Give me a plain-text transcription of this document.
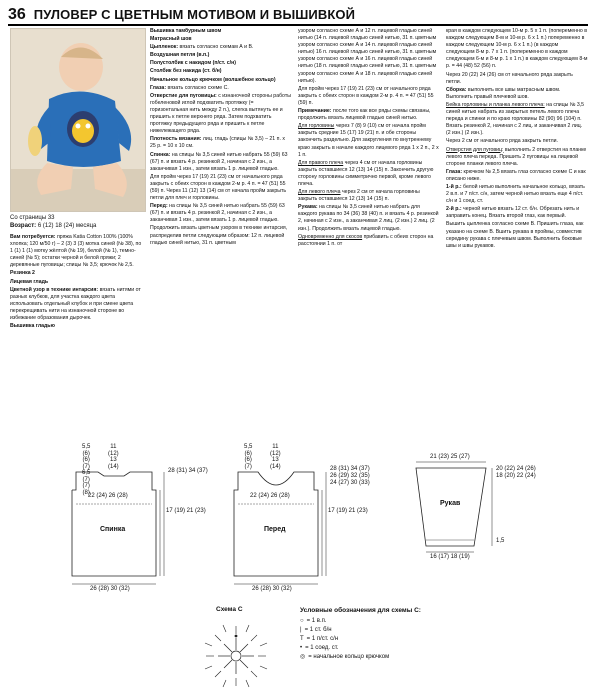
36 ПУЛОВЕР С ЦВЕТНЫМ МОТИВОМ И ВЫШИВКОЙ
Со страницы 33
Возраст: 6 (12) 18 (24) месяца

Вам потребуется: пряжа Katia Cotton 100% (100% хлопка; 120 м/50 г) – 2 (3) 3 (3) мотка синей (№ 38), по 1 (1) 1 (1) мотку жёлтой (№ 19), белой (№ 1), темно-синей (№ 5); остатки черной и белой пряжи; 2 деревянные пуговицы; спицы № 3,5; крючок № 2,5.

Резинка 2

Лицевая гладь

Цветной узор в технике интарсия: вязать нитями от разных клубков, для участка каждого цвета использовать отдельный клубок и при смене цвета перекрещивать нити на изнаночной стороне во избежание образования дырочек.

Вышивка гладью

Вышивка тамбурным швом

Матрасный шов

Цыпленок: вязать согласно схемам А и В.

Воздушная петля (в.п.)

Полустолбик с накидом (п/ст. с/н)

Столбик без накида (ст. б/н)

Начальное кольцо крючком (волшебное кольцо)

Глаза: вязать согласно схеме С.

Отверстие для пуговицы: с изнаночной стороны работы гобеленовой иглой подхватить протяжку (= горизонтальная нить между 2 п.), слегка вытянуть ее и пришить к петле верхнего ряда. Затем подхватить протяжку предыдущего ряда и пришить к петле нижележащего ряда.

Плотность вязания: лиц. гладь (спицы № 3,5) – 21 п. х 25 р. = 10 х 10 см.

Спинка: на спицы № 3,5 синей нитью набрать 55 (59) 63 (67) п. и вязать 4 р. резинкой 2, начиная с 2 изн., а заканчивая 1 изн., затем вязать 1 р. лицевой гладью.

Для пройм через 17 (19) 21 (23) см от начального ряда закрыть с обеих сторон в каждом 2-м р. 4 п. = 47 (51) 55 (59) п. Через 11 (12) 13 (14) см от начала пройм закрыть петли для плеч и горловины.

Перед: на спицы № 3,5 синей нитью набрать 55 (59) 63 (67) п. и вязать 4 р. резинкой 2, начиная с 2 изн., а заканчивая 1 изн., затем вязать 1 р. лицевой гладью.

Продолжить вязать цветным узором в технике интарсия, распределив петли следующим образом: 12 п. лицевой гладью синей нитью, 31 п. цветным

узором согласно схеме А и 12 п. лицевой гладью синей нитью (14 п. лицевой гладью синей нитью, 31 п. цветным узором согласно схеме А и 14 п. лицевой гладью синей нитью) 16 п. лицевой гладью синей нитью, 31 п. цветным узором согласно схеме А и 16 п. лицевой гладью синей нитью (18 п. лицевой гладью синей нитью, 31 п. цветным узором согласно схеме А и 18 п. лицевой гладью синей нитью).

Для пройм через 17 (19) 21 (23) см от начального ряда закрыть с обеих сторон в каждом 2-м р. 4 п. = 47 (51) 55 (59) п.

Примечание: после того как все ряды схемы связаны, продолжить вязать лицевой гладью синей нитью.

Для горловины через 7 (8) 9 (10) см от начала пройм закрыть средние 15 (17) 19 (21) п. и обе стороны закончить раздельно. Для закругления по внутреннему краю закрыть в начале каждого лицевого ряда 1 х 2 п., 2 х 1 п.

Для правого плеча через 4 см от начала горловины закрыть оставшиеся 12 (13) 14 (15) п. Закончить другую сторону горловины симметрично первой, кроме левого плеча.

Для левого плеча через 2 см от начала горловины закрыть оставшиеся 12 (13) 14 (15) п.

Рукава: на спицы № 3,5 синей нитью набрать для каждого рукава по 34 (36) 38 (40) п. и вязать 4 р. резинкой 2, начиная с 2 изн., а заканчивая 2 лиц. (2 изн.) 2 лиц. (2 изн.). Продолжить вязать лицевой гладью.

Одновременно для скосов прибавить с обеих сторон на расстоянии 1 п. от

края в каждом следующем 10-м р. 5 х 1 п. (попеременно в каждом следующем 8-м и 10-м р. 6 х 1 п.) попеременно в каждом следующем 10-м р. 6 х 1 п.) (в каждом следующем 8-м р. 7 х 1 п. (попеременно в каждом следующем 6-м и 8-м р. 1 х 1 п.) в каждом следующем 8-м р. = 44 (48) 52 (56) п.

Через 20 (22) 24 (26) см от начального ряда закрыть петли.

Сборка: выполнить все швы матрасным швом. Выполнить правый плечевой шов.

Бейка горловины и планка левого плеча: на спицы № 3,5 синей нитью набрать из закрытых петель левого плеча переда и спинки и по краю горловины 82 (90) 96 (104) п. Вязать резинкой 2, начиная с 2 лиц. и заканчивая 2 лиц. (2 изн.) (2 изн.).

Через 2 см от начального ряда закрыть петли.

Отверстия для пуговиц: выполнить 2 отверстия на планке левого плеча переда. Пришить 2 пуговицы на лицевой стороне планки левого плеча.

Глаза: крючком № 2,5 вязать глаз согласно схеме С и как описано ниже.

1-й р.: белой нитью выполнить начальное кольцо, вязать 2 в.п. и 7 п/ст. с/н, затем черной нитью вязать еще 4 п/ст. с/н и 1 соед. ст.

2-й р.: черной нитью вязать 12 ст. б/н. Обрезать нить и заправить конец. Вязать второй глаз, как первый.

Вышить цыпленка согласно схеме В. Пришить глаза, как указано на схеме В. Вшить рукава в проймы, совместив середину рукава с плечевым швом. Выполнить боковые швы и швы рукавов.

5,5
(6)
(6)
(7)
6,5
(7)
(7)
(8)
11
(12)
13
(14)
28 (31) 34 (37)
22 (24) 26 (28)
17 (19) 21 (23)
Спинка
26 (28) 30 (32)
5,5
(6)
(6)
(7)
11
(12)
13
(14)	28 (31) 34 (37)
26 (29) 32 (35)
24 (27) 30 (33)
22 (24) 26 (28)
17 (19) 21 (23)
Перед
26 (28) 30 (32)
21 (23) 25 (27)
20 (22) 24 (26)
18 (20) 22 (24)
Рукав
1,5
16 (17) 18 (19)
Схема С	Условные обозначения для схемы С:
○ = 1 в.п.
| = 1 ст. б/н
T = 1 п/ст. с/н
• = 1 соед. ст.
◎ = начальное кольцо крючком
